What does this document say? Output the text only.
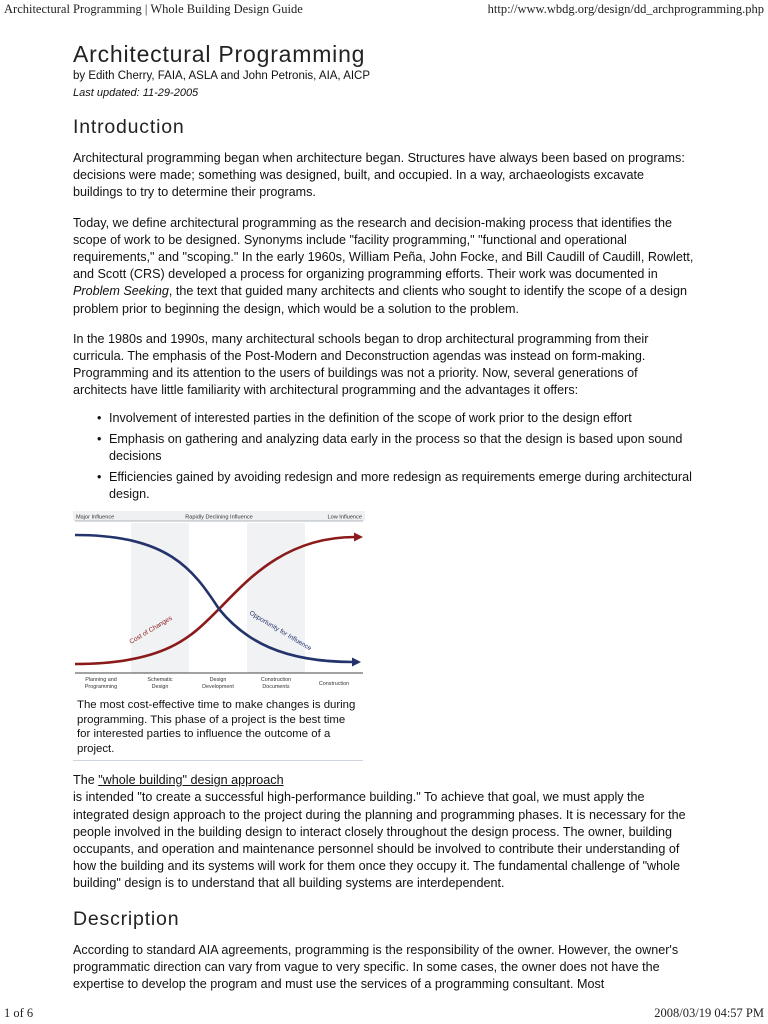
Architectural Programming | Whole Building Design Guide	http://www.wbdg.org/design/dd_archprogramming.php
Architectural Programming
by Edith Cherry, FAIA, ASLA and John Petronis, AIA, AICP
Last updated: 11-29-2005
Introduction

Architectural programming began when architecture began. Structures have always been based on programs: decisions were made; something was designed, built, and occupied. In a way, archaeologists excavate buildings to try to determine their programs.

Today, we define architectural programming as the research and decision-making process that identifies the scope of work to be designed. Synonyms include "facility programming," "functional and operational requirements," and "scoping." In the early 1960s, William Peña, John Focke, and Bill Caudill of Caudill, Rowlett, and Scott (CRS) developed a process for organizing programming efforts. Their work was documented in Problem Seeking, the text that guided many architects and clients who sought to identify the scope of a design problem prior to beginning the design, which would be a solution to the problem.

In the 1980s and 1990s, many architectural schools began to drop architectural programming from their curricula. The emphasis of the Post-Modern and Deconstruction agendas was instead on form-making. Programming and its attention to the users of buildings was not a priority. Now, several generations of architects have little familiarity with architectural programming and the advantages it offers:

• Involvement of interested parties in the definition of the scope of work prior to the design effort
• Emphasis on gathering and analyzing data early in the process so that the design is based upon sound decisions
• Efficiencies gained by avoiding redesign and more redesign as requirements emerge during architectural design.
Major Influence	Rapidly Declining Influence	Low Influence
Cost of Changes	Opportunity for Influence
Planning and
Programming
Schematic
Design
Design
Development
Construction
Documents	Construction
The most cost-effective time to make changes is during programming. This phase of a project is the best time for interested parties to influence the outcome of a project.
The "whole building" design approach
is intended "to create a successful high-performance building." To achieve that goal, we must apply the integrated design approach to the project during the planning and programming phases. It is necessary for the people involved in the building design to interact closely throughout the design process. The owner, building occupants, and operation and maintenance personnel should be involved to contribute their understanding of how the building and its systems will work for them once they occupy it. The fundamental challenge of "whole building" design is to understand that all building systems are interdependent.
Description

According to standard AIA agreements, programming is the responsibility of the owner. However, the owner's programmatic direction can vary from vague to very specific. In some cases, the owner does not have the expertise to develop the program and must use the services of a programming consultant. Most

1 of 6	2008/03/19 04:57 PM
